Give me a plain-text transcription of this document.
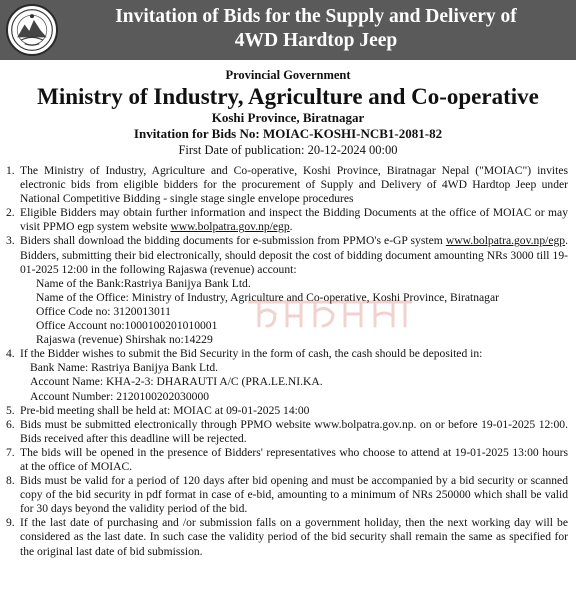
Invitation of Bids for the Supply and Delivery of
4WD Hardtop Jeep
Provincial Government
Ministry of Industry, Agriculture and Co-operative
Koshi Province, Biratnagar
Invitation for Bids No: MOIAC-KOSHI-NCB1-2081-82
First Date of publication: 20-12-2024 00:00
1. The Ministry of Industry, Agriculture and Co-operative, Koshi Province, Biratnagar Nepal ("MOIAC") invites electronic bids from eligible bidders for the procurement of Supply and Delivery of 4WD Hardtop Jeep under National Competitive Bidding - single stage single envelope procedures
2. Eligible Bidders may obtain further information and inspect the Bidding Documents at the office of MOIAC or may visit PPMO egp system website www.bolpatra.gov.np/egp.
3. Biders shall download the bidding documents for e-submission from PPMO's e-GP system www.bolpatra.gov.np/egp. Bidders, submitting their bid electronically, should deposit the cost of bidding document amounting NRs 3000 till 19-01-2025 12:00 in the following Rajaswa (revenue) account:
Name of the Bank:Rastriya Banijya Bank Ltd.
Name of the Office: Ministry of Industry, Agriculture and Co-operative, Koshi Province, Biratnagar
Office Code no: 3120013011
Office Account no:1000100201010001
Rajaswa (revenue) Shirshak no:14229
4. If the Bidder wishes to submit the Bid Security in the form of cash, the cash should be deposited in:
Bank Name: Rastriya Banijya Bank Ltd.
Account Name: KHA-2-3: DHARAUTI A/C (PRA.LE.NI.KA.
Account Number: 2120100202030000
5. Pre-bid meeting shall be held at: MOIAC at 09-01-2025 14:00
6. Bids must be submitted electronically through PPMO website www.bolpatra.gov.np. on or before 19-01-2025 12:00. Bids received after this deadline will be rejected.
7. The bids will be opened in the presence of Bidders' representatives who choose to attend at 19-01-2025 13:00 hours at the office of MOIAC.
8. Bids must be valid for a period of 120 days after bid opening and must be accompanied by a bid security or scanned copy of the bid security in pdf format in case of e-bid, amounting to a minimum of NRs 250000 which shall be valid for 30 days beyond the validity period of the bid.
9. If the last date of purchasing and /or submission falls on a government holiday, then the next working day will be considered as the last date. In such case the validity period of the bid security shall remain the same as specified for the original last date of bid submission.
